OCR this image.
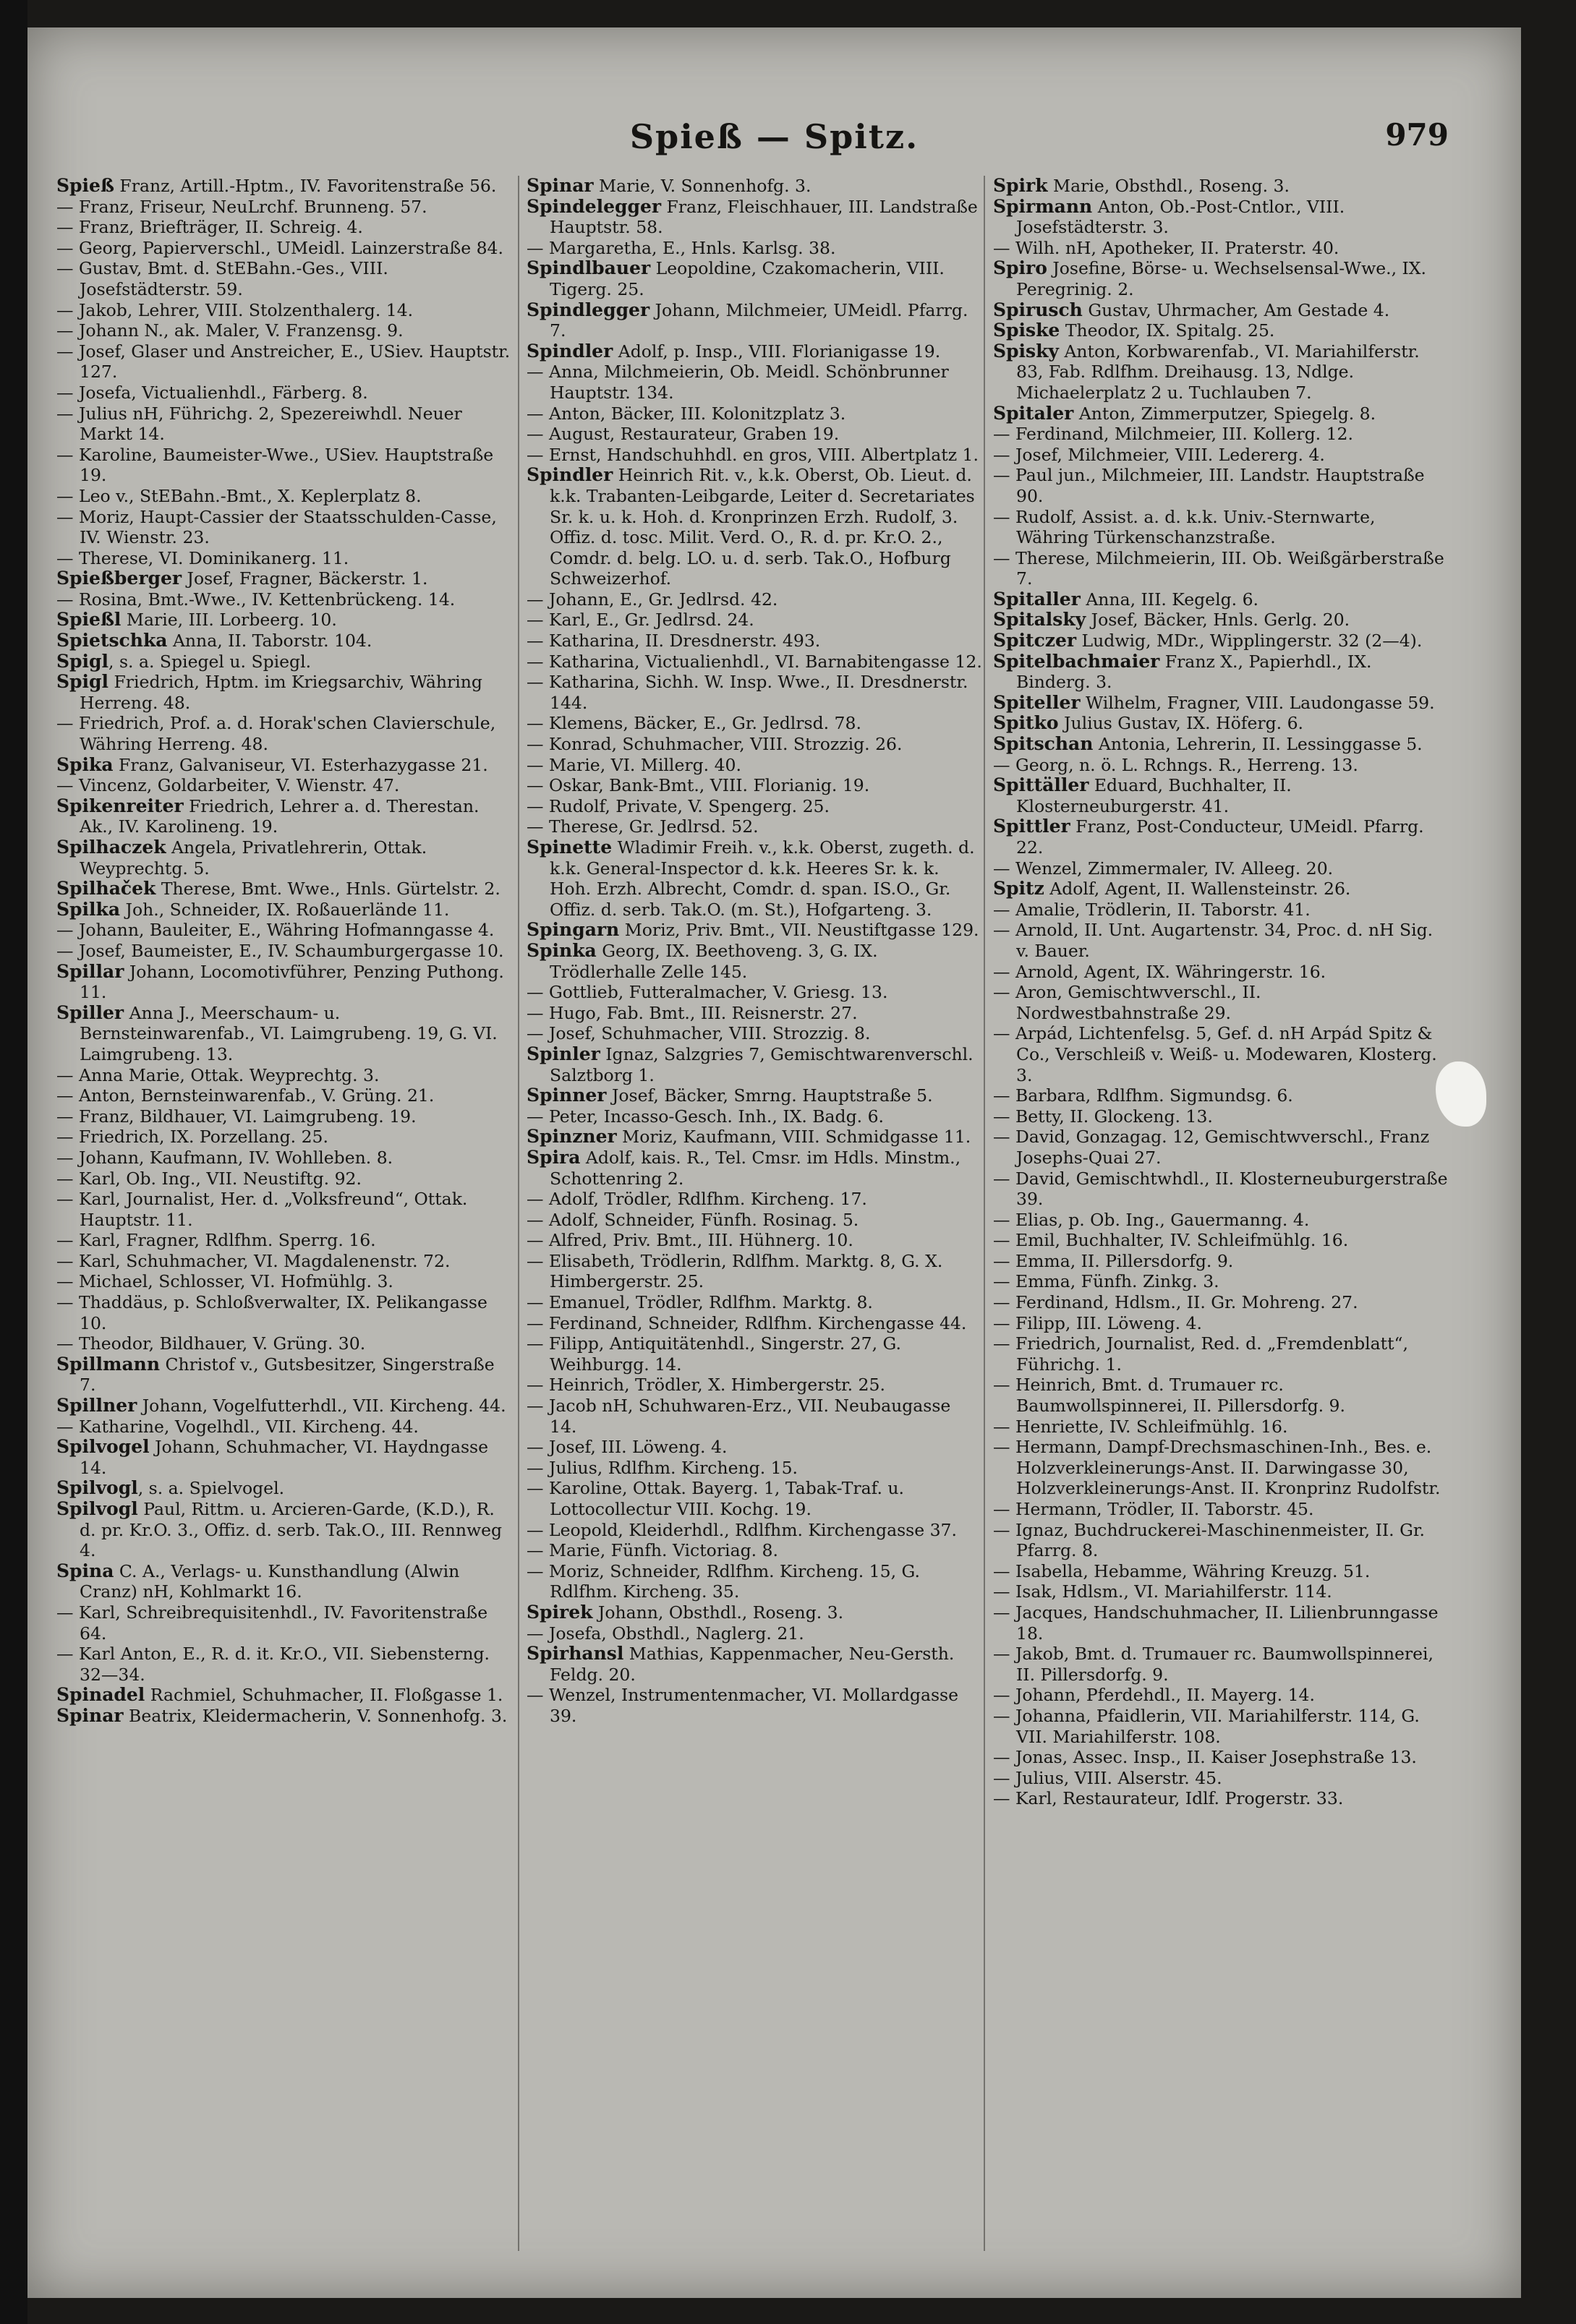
Spieß — Spitz.	979

Spieß Franz, Artill.-Hptm., IV. Favoritenstraße 56.

— Franz, Friseur, NeuLrchf. Brunneng. 57.

— Franz, Briefträger, II. Schreig. 4.

— Georg, Papierverschl., UMeidl. Lainzerstraße 84.

— Gustav, Bmt. d. StEBahn.-Ges., VIII. Josefstädterstr. 59.

— Jakob, Lehrer, VIII. Stolzenthalerg. 14.

— Johann N., ak. Maler, V. Franzensg. 9.

— Josef, Glaser und Anstreicher, E., USiev. Hauptstr. 127.

— Josefa, Victualienhdl., Färberg. 8.

— Julius nH, Führichg. 2, Spezereiwhdl. Neuer Markt 14.

— Karoline, Baumeister-Wwe., USiev. Hauptstraße 19.

— Leo v., StEBahn.-Bmt., X. Keplerplatz 8.

— Moriz, Haupt-Cassier der Staatsschulden-Casse, IV. Wienstr. 23.

— Therese, VI. Dominikanerg. 11.

Spießberger Josef, Fragner, Bäckerstr. 1.

— Rosina, Bmt.-Wwe., IV. Kettenbrückeng. 14.

Spießl Marie, III. Lorbeerg. 10.

Spietschka Anna, II. Taborstr. 104.

Spigl, s. a. Spiegel u. Spiegl.

Spigl Friedrich, Hptm. im Kriegsarchiv, Währing Herreng. 48.

— Friedrich, Prof. a. d. Horak'schen Clavierschule, Währing Herreng. 48.

Spika Franz, Galvaniseur, VI. Esterhazygasse 21.

— Vincenz, Goldarbeiter, V. Wienstr. 47.

Spikenreiter Friedrich, Lehrer a. d. Therestan. Ak., IV. Karolineng. 19.

Spilhaczek Angela, Privatlehrerin, Ottak. Weyprechtg. 5.

Spilhaček Therese, Bmt. Wwe., Hnls. Gürtelstr. 2.

Spilka Joh., Schneider, IX. Roßauerlände 11.

— Johann, Bauleiter, E., Währing Hofmanngasse 4.

— Josef, Baumeister, E., IV. Schaumburgergasse 10.

Spillar Johann, Locomotivführer, Penzing Puthong. 11.

Spiller Anna J., Meerschaum- u. Bernsteinwarenfab., VI. Laimgrubeng. 19, G. VI. Laimgrubeng. 13.

— Anna Marie, Ottak. Weyprechtg. 3.

— Anton, Bernsteinwarenfab., V. Grüng. 21.

— Franz, Bildhauer, VI. Laimgrubeng. 19.

— Friedrich, IX. Porzellang. 25.

— Johann, Kaufmann, IV. Wohlleben. 8.

— Karl, Ob. Ing., VII. Neustiftg. 92.

— Karl, Journalist, Her. d. „Volksfreund“, Ottak. Hauptstr. 11.

— Karl, Fragner, Rdlfhm. Sperrg. 16.

— Karl, Schuhmacher, VI. Magdalenenstr. 72.

— Michael, Schlosser, VI. Hofmühlg. 3.

— Thaddäus, p. Schloßverwalter, IX. Pelikangasse 10.

— Theodor, Bildhauer, V. Grüng. 30.

Spillmann Christof v., Gutsbesitzer, Singerstraße 7.

Spillner Johann, Vogelfutterhdl., VII. Kircheng. 44.

— Katharine, Vogelhdl., VII. Kircheng. 44.

Spilvogel Johann, Schuhmacher, VI. Haydngasse 14.

Spilvogl, s. a. Spielvogel.

Spilvogl Paul, Rittm. u. Arcieren-Garde, (K.D.), R. d. pr. Kr.O. 3., Offiz. d. serb. Tak.O., III. Rennweg 4.

Spina C. A., Verlags- u. Kunsthandlung (Alwin Cranz) nH, Kohlmarkt 16.

— Karl, Schreibrequisitenhdl., IV. Favoritenstraße 64.

— Karl Anton, E., R. d. it. Kr.O., VII. Siebensterng. 32—34.

Spinadel Rachmiel, Schuhmacher, II. Floßgasse 1.

Spinar Beatrix, Kleidermacherin, V. Sonnenhofg. 3.

Spinar Marie, V. Sonnenhofg. 3.

Spindelegger Franz, Fleischhauer, III. Landstraße Hauptstr. 58.

— Margaretha, E., Hnls. Karlsg. 38.

Spindlbauer Leopoldine, Czakomacherin, VIII. Tigerg. 25.

Spindlegger Johann, Milchmeier, UMeidl. Pfarrg. 7.

Spindler Adolf, p. Insp., VIII. Florianigasse 19.

— Anna, Milchmeierin, Ob. Meidl. Schönbrunner Hauptstr. 134.

— Anton, Bäcker, III. Kolonitzplatz 3.

— August, Restaurateur, Graben 19.

— Ernst, Handschuhhdl. en gros, VIII. Albertplatz 1.

Spindler Heinrich Rit. v., k.k. Oberst, Ob. Lieut. d. k.k. Trabanten-Leibgarde, Leiter d. Secretariates Sr. k. u. k. Hoh. d. Kronprinzen Erzh. Rudolf, 3. Offiz. d. tosc. Milit. Verd. O., R. d. pr. Kr.O. 2., Comdr. d. belg. LO. u. d. serb. Tak.O., Hofburg Schweizerhof.

— Johann, E., Gr. Jedlrsd. 42.

— Karl, E., Gr. Jedlrsd. 24.

— Katharina, II. Dresdnerstr. 493.

— Katharina, Victualienhdl., VI. Barnabitengasse 12.

— Katharina, Sichh. W. Insp. Wwe., II. Dresdnerstr. 144.

— Klemens, Bäcker, E., Gr. Jedlrsd. 78.

— Konrad, Schuhmacher, VIII. Strozzig. 26.

— Marie, VI. Millerg. 40.

— Oskar, Bank-Bmt., VIII. Florianig. 19.

— Rudolf, Private, V. Spengerg. 25.

— Therese, Gr. Jedlrsd. 52.

Spinette Wladimir Freih. v., k.k. Oberst, zugeth. d. k.k. General-Inspector d. k.k. Heeres Sr. k. k. Hoh. Erzh. Albrecht, Comdr. d. span. IS.O., Gr. Offiz. d. serb. Tak.O. (m. St.), Hofgarteng. 3.

Spingarn Moriz, Priv. Bmt., VII. Neustiftgasse 129.

Spinka Georg, IX. Beethoveng. 3, G. IX. Trödlerhalle Zelle 145.

— Gottlieb, Futteralmacher, V. Griesg. 13.

— Hugo, Fab. Bmt., III. Reisnerstr. 27.

— Josef, Schuhmacher, VIII. Strozzig. 8.

Spinler Ignaz, Salzgries 7, Gemischtwarenverschl. Salztborg 1.

Spinner Josef, Bäcker, Smrng. Hauptstraße 5.

— Peter, Incasso-Gesch. Inh., IX. Badg. 6.

Spinzner Moriz, Kaufmann, VIII. Schmidgasse 11.

Spira Adolf, kais. R., Tel. Cmsr. im Hdls. Minstm., Schottenring 2.

— Adolf, Trödler, Rdlfhm. Kircheng. 17.

— Adolf, Schneider, Fünfh. Rosinag. 5.

— Alfred, Priv. Bmt., III. Hühnerg. 10.

— Elisabeth, Trödlerin, Rdlfhm. Marktg. 8, G. X. Himbergerstr. 25.

— Emanuel, Trödler, Rdlfhm. Marktg. 8.

— Ferdinand, Schneider, Rdlfhm. Kirchengasse 44.

— Filipp, Antiquitätenhdl., Singerstr. 27, G. Weihburgg. 14.

— Heinrich, Trödler, X. Himbergerstr. 25.

— Jacob nH, Schuhwaren-Erz., VII. Neubaugasse 14.

— Josef, III. Löweng. 4.

— Julius, Rdlfhm. Kircheng. 15.

— Karoline, Ottak. Bayerg. 1, Tabak-Traf. u. Lottocollectur VIII. Kochg. 19.

— Leopold, Kleiderhdl., Rdlfhm. Kirchengasse 37.

— Marie, Fünfh. Victoriag. 8.

— Moriz, Schneider, Rdlfhm. Kircheng. 15, G. Rdlfhm. Kircheng. 35.

Spirek Johann, Obsthdl., Roseng. 3.

— Josefa, Obsthdl., Naglerg. 21.

Spirhansl Mathias, Kappenmacher, Neu-Gersth. Feldg. 20.

— Wenzel, Instrumentenmacher, VI. Mollardgasse 39.

Spirk Marie, Obsthdl., Roseng. 3.

Spirmann Anton, Ob.-Post-Cntlor., VIII. Josefstädterstr. 3.

— Wilh. nH, Apotheker, II. Praterstr. 40.

Spiro Josefine, Börse- u. Wechselsensal-Wwe., IX. Peregrinig. 2.

Spirusch Gustav, Uhrmacher, Am Gestade 4.

Spiske Theodor, IX. Spitalg. 25.

Spisky Anton, Korbwarenfab., VI. Mariahilferstr. 83, Fab. Rdlfhm. Dreihausg. 13, Ndlge. Michaelerplatz 2 u. Tuchlauben 7.

Spitaler Anton, Zimmerputzer, Spiegelg. 8.

— Ferdinand, Milchmeier, III. Kollerg. 12.

— Josef, Milchmeier, VIII. Ledererg. 4.

— Paul jun., Milchmeier, III. Landstr. Hauptstraße 90.

— Rudolf, Assist. a. d. k.k. Univ.-Sternwarte, Währing Türkenschanzstraße.

— Therese, Milchmeierin, III. Ob. Weißgärberstraße 7.

Spitaller Anna, III. Kegelg. 6.

Spitalsky Josef, Bäcker, Hnls. Gerlg. 20.

Spitczer Ludwig, MDr., Wipplingerstr. 32 (2—4).

Spitelbachmaier Franz X., Papierhdl., IX. Binderg. 3.

Spiteller Wilhelm, Fragner, VIII. Laudongasse 59.

Spitko Julius Gustav, IX. Höferg. 6.

Spitschan Antonia, Lehrerin, II. Lessinggasse 5.

— Georg, n. ö. L. Rchngs. R., Herreng. 13.

Spittäller Eduard, Buchhalter, II. Klosterneuburgerstr. 41.

Spittler Franz, Post-Conducteur, UMeidl. Pfarrg. 22.

— Wenzel, Zimmermaler, IV. Alleeg. 20.

Spitz Adolf, Agent, II. Wallensteinstr. 26.

— Amalie, Trödlerin, II. Taborstr. 41.

— Arnold, II. Unt. Augartenstr. 34, Proc. d. nH Sig. v. Bauer.

— Arnold, Agent, IX. Währingerstr. 16.

— Aron, Gemischtwverschl., II. Nordwestbahnstraße 29.

— Arpád, Lichtenfelsg. 5, Gef. d. nH Arpád Spitz & Co., Verschleiß v. Weiß- u. Modewaren, Klosterg. 3.

— Barbara, Rdlfhm. Sigmundsg. 6.

— Betty, II. Glockeng. 13.

— David, Gonzagag. 12, Gemischtwverschl., Franz Josephs-Quai 27.

— David, Gemischtwhdl., II. Klosterneuburgerstraße 39.

— Elias, p. Ob. Ing., Gauermanng. 4.

— Emil, Buchhalter, IV. Schleifmühlg. 16.

— Emma, II. Pillersdorfg. 9.

— Emma, Fünfh. Zinkg. 3.

— Ferdinand, Hdlsm., II. Gr. Mohreng. 27.

— Filipp, III. Löweng. 4.

— Friedrich, Journalist, Red. d. „Fremdenblatt“, Führichg. 1.

— Heinrich, Bmt. d. Trumauer rc. Baumwollspinnerei, II. Pillersdorfg. 9.

— Henriette, IV. Schleifmühlg. 16.

— Hermann, Dampf-Drechsmaschinen-Inh., Bes. e. Holzverkleinerungs-Anst. II. Darwingasse 30, Holzverkleinerungs-Anst. II. Kronprinz Rudolfstr.

— Hermann, Trödler, II. Taborstr. 45.

— Ignaz, Buchdruckerei-Maschinenmeister, II. Gr. Pfarrg. 8.

— Isabella, Hebamme, Währing Kreuzg. 51.

— Isak, Hdlsm., VI. Mariahilferstr. 114.

— Jacques, Handschuhmacher, II. Lilienbrunngasse 18.

— Jakob, Bmt. d. Trumauer rc. Baumwollspinnerei, II. Pillersdorfg. 9.

— Johann, Pferdehdl., II. Mayerg. 14.

— Johanna, Pfaidlerin, VII. Mariahilferstr. 114, G. VII. Mariahilferstr. 108.

— Jonas, Assec. Insp., II. Kaiser Josephstraße 13.

— Julius, VIII. Alserstr. 45.

— Karl, Restaurateur, Idlf. Progerstr. 33.
